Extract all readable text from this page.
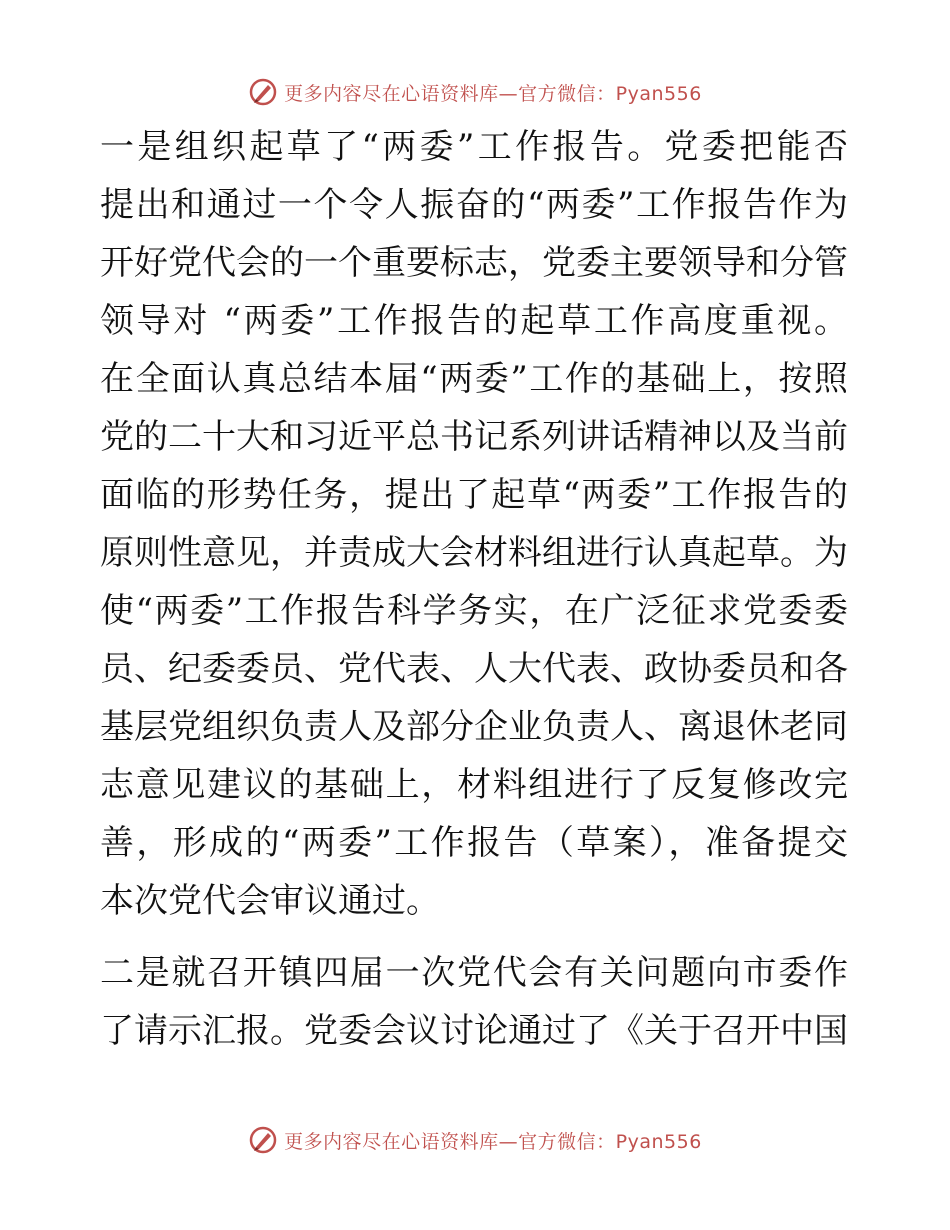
更多内容尽在心语资料库—官方微信：Pyan556

一是组织起草了“两委”工作报告。党委把能否
提出和通过一个令人振奋的“两委”工作报告作为
开好党代会的一个重要标志，党委主要领导和分管
领导对 “两委”工作报告的起草工作高度重视。
在全面认真总结本届“两委”工作的基础上，按照
党的二十大和习近平总书记系列讲话精神以及当前
面临的形势任务，提出了起草“两委”工作报告的
原则性意见，并责成大会材料组进行认真起草。为
使“两委”工作报告科学务实，在广泛征求党委委
员、纪委委员、党代表、人大代表、政协委员和各
基层党组织负责人及部分企业负责人、离退休老同
志意见建议的基础上，材料组进行了反复修改完
善，形成的“两委”工作报告（草案），准备提交
本次党代会审议通过。

二是就召开镇四届一次党代会有关问题向市委作
了请示汇报。党委会议讨论通过了《关于召开中国

更多内容尽在心语资料库—官方微信：Pyan556
